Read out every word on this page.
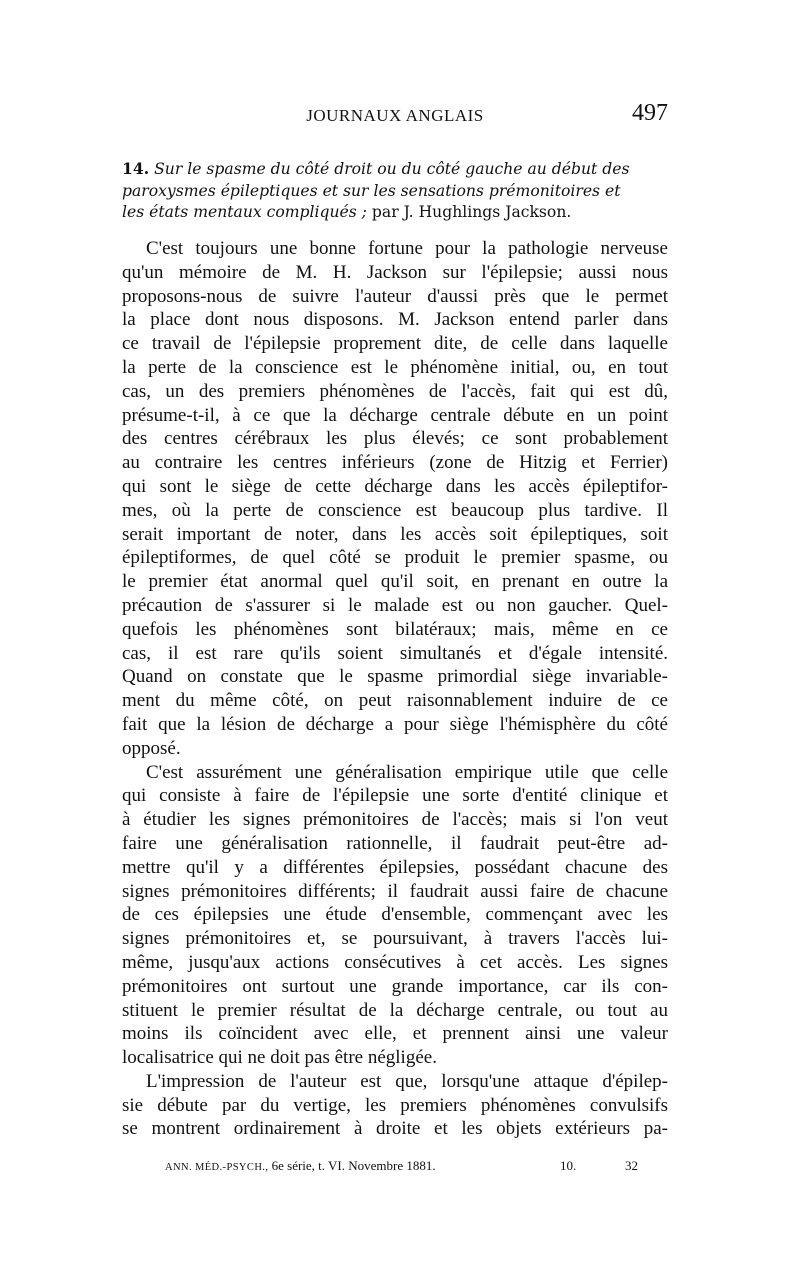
JOURNAUX ANGLAIS	497
14. Sur le spasme du côté droit ou du côté gauche au début des
paroxysmes épileptiques et sur les sensations prémonitoires et
les états mentaux compliqués ; par J. Hughlings Jackson.
C'est toujours une bonne fortune pour la pathologie nerveuse
qu'un mémoire de M. H. Jackson sur l'épilepsie; aussi nous
proposons-nous de suivre l'auteur d'aussi près que le permet
la place dont nous disposons. M. Jackson entend parler dans
ce travail de l'épilepsie proprement dite, de celle dans laquelle
la perte de la conscience est le phénomène initial, ou, en tout
cas, un des premiers phénomènes de l'accès, fait qui est dû,
présume-t-il, à ce que la décharge centrale débute en un point
des centres cérébraux les plus élevés; ce sont probablement
au contraire les centres inférieurs (zone de Hitzig et Ferrier)
qui sont le siège de cette décharge dans les accès épileptifor-
mes, où la perte de conscience est beaucoup plus tardive. Il
serait important de noter, dans les accès soit épileptiques, soit
épileptiformes, de quel côté se produit le premier spasme, ou
le premier état anormal quel qu'il soit, en prenant en outre la
précaution de s'assurer si le malade est ou non gaucher. Quel-
quefois les phénomènes sont bilatéraux; mais, même en ce
cas, il est rare qu'ils soient simultanés et d'égale intensité.
Quand on constate que le spasme primordial siège invariable-
ment du même côté, on peut raisonnablement induire de ce
fait que la lésion de décharge a pour siège l'hémisphère du côté
opposé.
C'est assurément une généralisation empirique utile que celle
qui consiste à faire de l'épilepsie une sorte d'entité clinique et
à étudier les signes prémonitoires de l'accès; mais si l'on veut
faire une généralisation rationnelle, il faudrait peut-être ad-
mettre qu'il y a différentes épilepsies, possédant chacune des
signes prémonitoires différents; il faudrait aussi faire de chacune
de ces épilepsies une étude d'ensemble, commençant avec les
signes prémonitoires et, se poursuivant, à travers l'accès lui-
même, jusqu'aux actions consécutives à cet accès. Les signes
prémonitoires ont surtout une grande importance, car ils con-
stituent le premier résultat de la décharge centrale, ou tout au
moins ils coïncident avec elle, et prennent ainsi une valeur
localisatrice qui ne doit pas être négligée.
L'impression de l'auteur est que, lorsqu'une attaque d'épilep-
sie débute par du vertige, les premiers phénomènes convulsifs
se montrent ordinairement à droite et les objets extérieurs pa-
ANN. MÉD.-PSYCH., 6e série, t. VI. Novembre 1881.	10.	32
